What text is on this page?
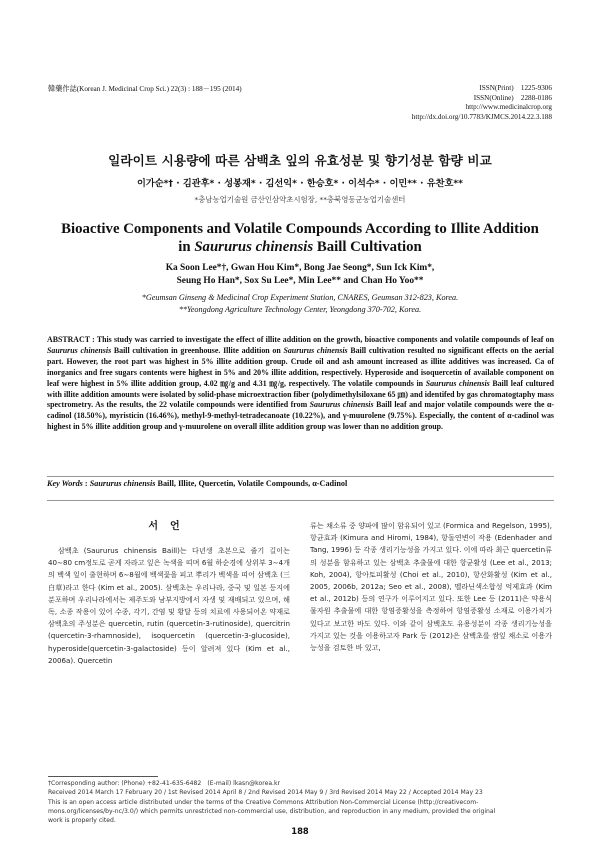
韓藥作誌(Korean J. Medicinal Crop Sci.) 22(3) : 188－195 (2014)	ISSN(Print)　1225-9306
ISSN(Online)　2288-0186
http://www.medicinalcrop.org
http://dx.doi.org/10.7783/KJMCS.2014.22.3.188
일라이트 시용량에 따른 삼백초 잎의 유효성분 및 향기성분 함량 비교
이가순*† · 김관후* · 성봉재* · 김선익* · 한승호* · 이석수* · 이민** · 유찬호**
*충남농업기술원 금산인삼약초시험장, **충북영동군농업기술센터
Bioactive Components and Volatile Compounds According to Illite Addition
in Saururus chinensis Baill Cultivation
Ka Soon Lee*†, Gwan Hou Kim*, Bong Jae Seong*, Sun Ick Kim*,
Seung Ho Han*, Sox Su Lee*, Min Lee** and Chan Ho Yoo**
*Geumsan Ginseng & Medicinal Crop Experiment Station, CNARES, Geumsan 312-823, Korea.
**Yeongdong Agriculture Technology Center, Yeongdong 370-702, Korea.
ABSTRACT : This study was carried to investigate the effect of illite addition on the growth, bioactive components and volatile compounds of leaf on Saururus chinensis Baill cultivation in greenhouse. Illite addition on Saururus chinensis Baill cultivation resulted no significant effects on the aerial part. However, the root part was highest in 5% illite addition group. Crude oil and ash amount increased as illite additives was increased. Ca of inorganics and free sugars contents were highest in 5% and 20% illite addition, respectively. Hyperoside and isoquercetin of available component on leaf were highest in 5% illite addition group, 4.02 ㎎/g and 4.31 ㎎/g, respectively. The volatile compounds in Saururus chinensis Baill leaf cultured with illite addition amounts were isolated by solid-phase microextraction fiber (polydimethylsiloxane 65 ㎛) and identifed by gas chromatogtaphy mass spectrometry. As the results, the 22 volatile compounds were identified from Saururus chinensis Baill leaf and major volatile compounds were the α-cadinol (18.50%), myristicin (16.46%), methyl-9-methyl-tetradecanoate (10.22%), and γ-muurolene (9.75%). Especially, the content of α-cadinol was highest in 5% illite addition group and γ-muurolene on overall illite addition group was lower than no addition group.
Key Words : Saururus chinensis Baill, Illite, Quercetin, Volatile Compounds, α-Cadinol
서언

삼백초 (Saururus chinensis Baill)는 다년생 초본으로 줄기 길이는 40∼80 cm정도로 곧게 자라고 잎은 녹색을 띠며 6월 하순경에 상위부 3∼4개의 백색 잎이 출현하며 6∼8월에 백색꽃을 피고 뿌리가 백색을 띠어 삼백초 (三白草)라고 한다 (Kim et al., 2005). 삼백초는 우리나라, 중국 및 일본 등지에 분포하며 우리나라에서는 제주도와 남부지방에서 자생 및 재배되고 있으며, 해독, 소종 작용이 있어 수종, 각기, 간염 및 황달 등의 치료에 사용되어온 약재로 삼백초의 주성분은 quercetin, rutin (quercetin-3-rutinoside), quercitrin (quercetin-3-rhamnoside), isoquercetin (quercetin-3-glucoside), hyperoside(quercetin-3-galactoside) 등이 알려져 있다 (Kim et al., 2006a). Quercetin

류는 채소류 중 양파에 많이 함유되어 있고 (Formica and Regelson, 1995), 항균효과 (Kimura and Hiromi, 1984), 항돌연변이 작용 (Edenhader and Tang, 1996) 등 각종 생리기능성을 가지고 있다. 이에 따라 최근 quercetin류의 성분을 함유하고 있는 삼백초 추출물에 대한 항균활성 (Lee et al., 2013; Koh, 2004), 항아토피활성 (Choi et al., 2010), 항산화활성 (Kim et al., 2005, 2006b, 2012a; Seo et al., 2008), 멜라닌색소합성 억제효과 (Kim et al., 2012b) 등의 연구가 이루어지고 있다. 또한 Lee 등 (2011)은 약용식물자원 추출물에 대한 항염증활성을 측정하여 항염증활성 소재로 이용가치가 있다고 보고한 바도 있다. 이와 같이 삼백초도 유용성분이 각종 생리기능성을 가지고 있는 것을 이용하고자 Park 등 (2012)은 삼백초를 쌈잎 채소로 이용가능성을 검토한 바 있고,

†Corresponding author: (Phone) +82-41-635-6482　(E-mail) lkasn@korea.kr
Received 2014 March 17 February 20 / 1st Revised 2014 April 8 / 2nd Revised 2014 May 9 / 3rd Revised 2014 May 22 / Accepted 2014 May 23
This is an open access article distributed under the terms of the Creative Commons Attribution Non-Commercial License (http://creativecom-
mons.org/licenses/by-nc/3.0/) which permits unrestricted non-commercial use, distribution, and reproduction in any medium, provided the original
work is properly cited.
188
